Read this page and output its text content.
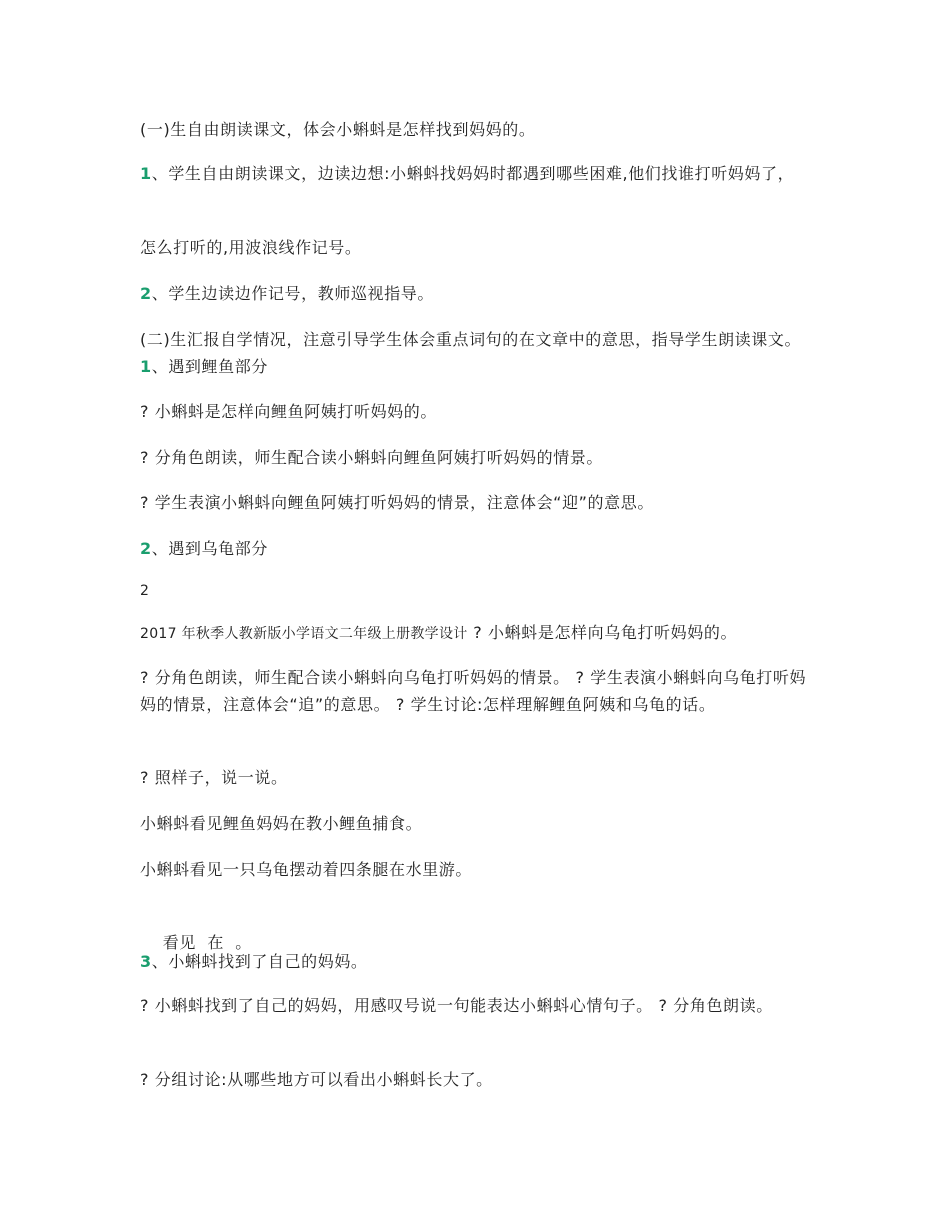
(一)生自由朗读课文，体会小蝌蚪是怎样找到妈妈的。
1、学生自由朗读课文，边读边想:小蝌蚪找妈妈时都遇到哪些困难,他们找谁打听妈妈了，
怎么打听的,用波浪线作记号。
2、学生边读边作记号，教师巡视指导。
(二)生汇报自学情况，注意引导学生体会重点词句的在文章中的意思，指导学生朗读课文。 1、遇到鲤鱼部分
? 小蝌蚪是怎样向鲤鱼阿姨打听妈妈的。
? 分角色朗读，师生配合读小蝌蚪向鲤鱼阿姨打听妈妈的情景。
? 学生表演小蝌蚪向鲤鱼阿姨打听妈妈的情景，注意体会“迎”的意思。
2、遇到乌龟部分
2
2017 年秋季人教新版小学语文二年级上册教学设计 ? 小蝌蚪是怎样向乌龟打听妈妈的。
? 分角色朗读，师生配合读小蝌蚪向乌龟打听妈妈的情景。 ? 学生表演小蝌蚪向乌龟打听妈妈的情景，注意体会“追”的意思。 ? 学生讨论:怎样理解鲤鱼阿姨和乌龟的话。
? 照样子，说一说。
小蝌蚪看见鲤鱼妈妈在教小鲤鱼捕食。
小蝌蚪看见一只乌龟摆动着四条腿在水里游。

看见  在  。

3、小蝌蚪找到了自己的妈妈。
? 小蝌蚪找到了自己的妈妈，用感叹号说一句能表达小蝌蚪心情句子。 ? 分角色朗读。
? 分组讨论:从哪些地方可以看出小蝌蚪长大了。
